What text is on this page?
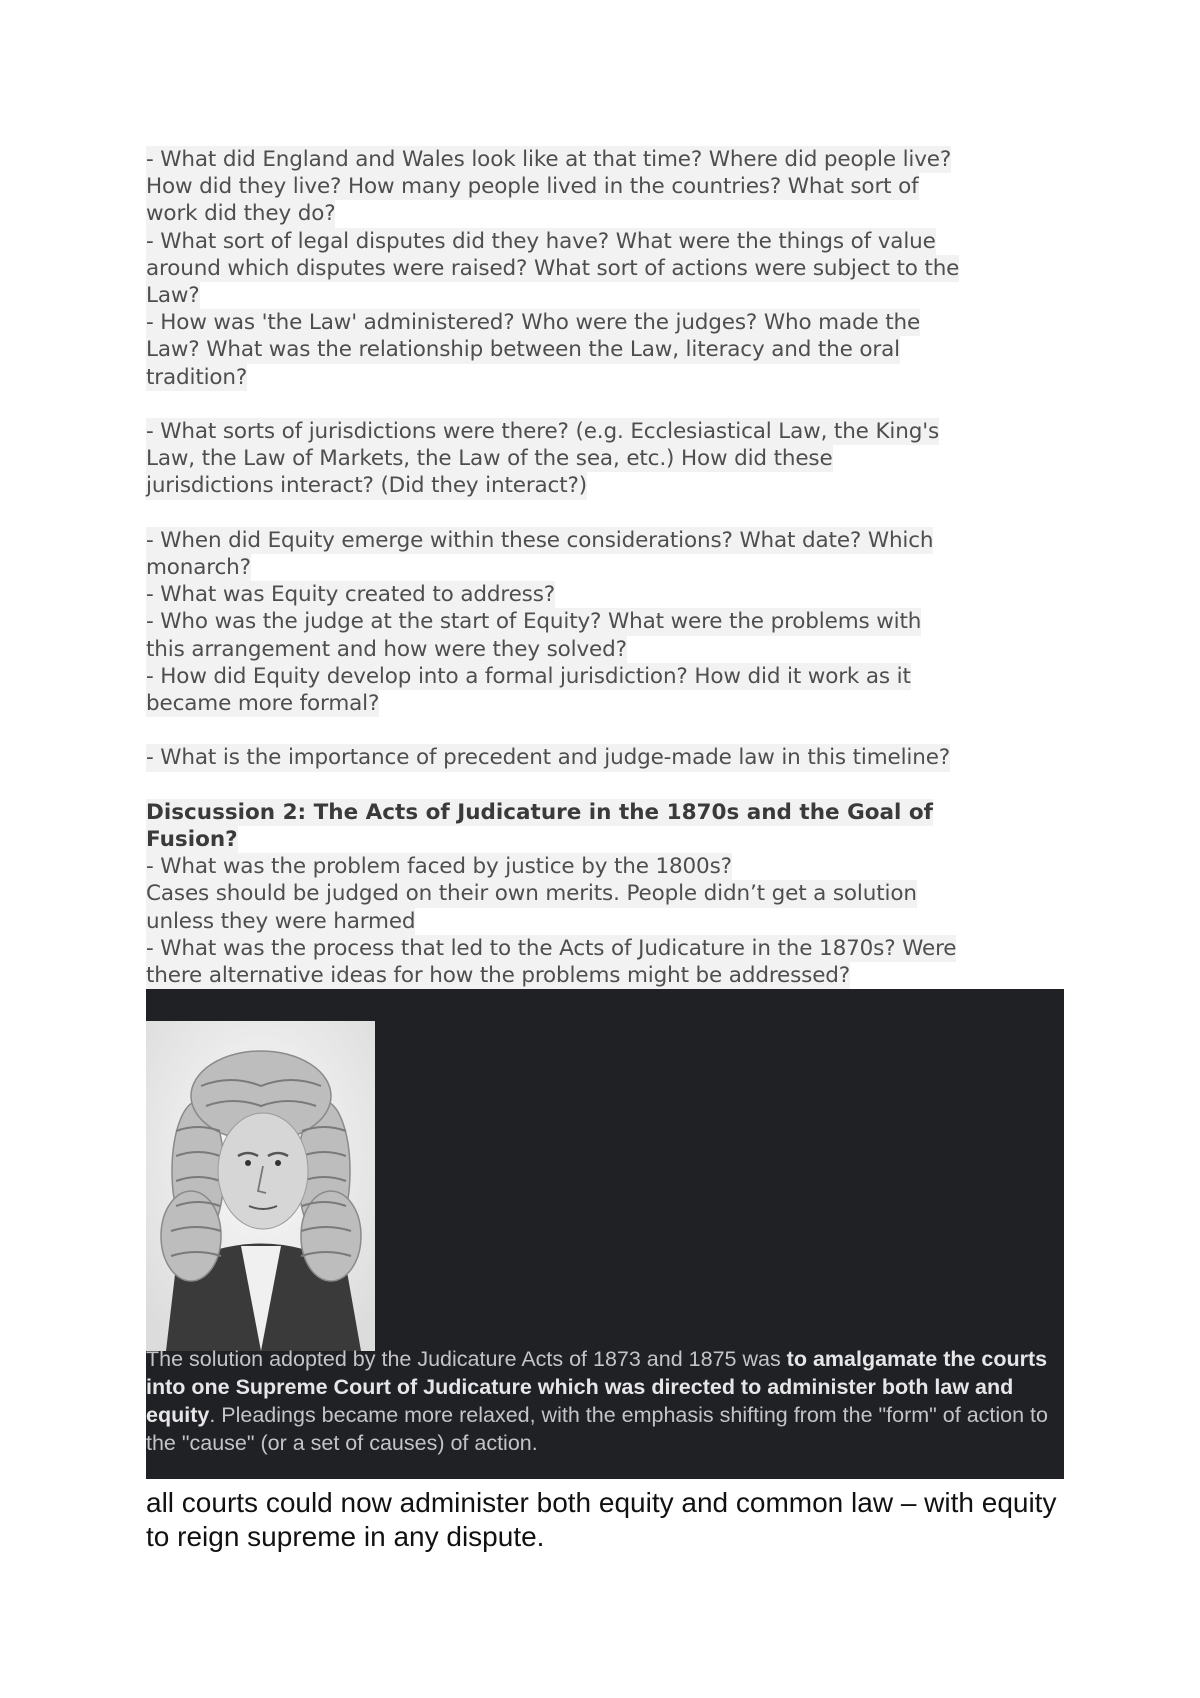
- What did England and Wales look like at that time? Where did people live?
How did they live? How many people lived in the countries? What sort of
work did they do?
- What sort of legal disputes did they have? What were the things of value
around which disputes were raised? What sort of actions were subject to the
Law?
- How was 'the Law' administered? Who were the judges? Who made the
Law? What was the relationship between the Law, literacy and the oral
tradition?
- What sorts of jurisdictions were there? (e.g. Ecclesiastical Law, the King's
Law, the Law of Markets, the Law of the sea, etc.) How did these
jurisdictions interact? (Did they interact?)
- When did Equity emerge within these considerations? What date? Which
monarch?
- What was Equity created to address?
- Who was the judge at the start of Equity? What were the problems with
this arrangement and how were they solved?
- How did Equity develop into a formal jurisdiction? How did it work as it
became more formal?
- What is the importance of precedent and judge-made law in this timeline?
Discussion 2: The Acts of Judicature in the 1870s and the Goal of
Fusion?
- What was the problem faced by justice by the 1800s?
Cases should be judged on their own merits. People didn’t get a solution
unless they were harmed
- What was the process that led to the Acts of Judicature in the 1870s? Were
there alternative ideas for how the problems might be addressed?
The solution adopted by the Judicature Acts of 1873 and 1875 was to amalgamate the courts into one Supreme Court of Judicature which was directed to administer both law and equity. Pleadings became more relaxed, with the emphasis shifting from the "form" of action to the "cause" (or a set of causes) of action.
all courts could now administer both equity and common law – with equity to reign supreme in any dispute.
